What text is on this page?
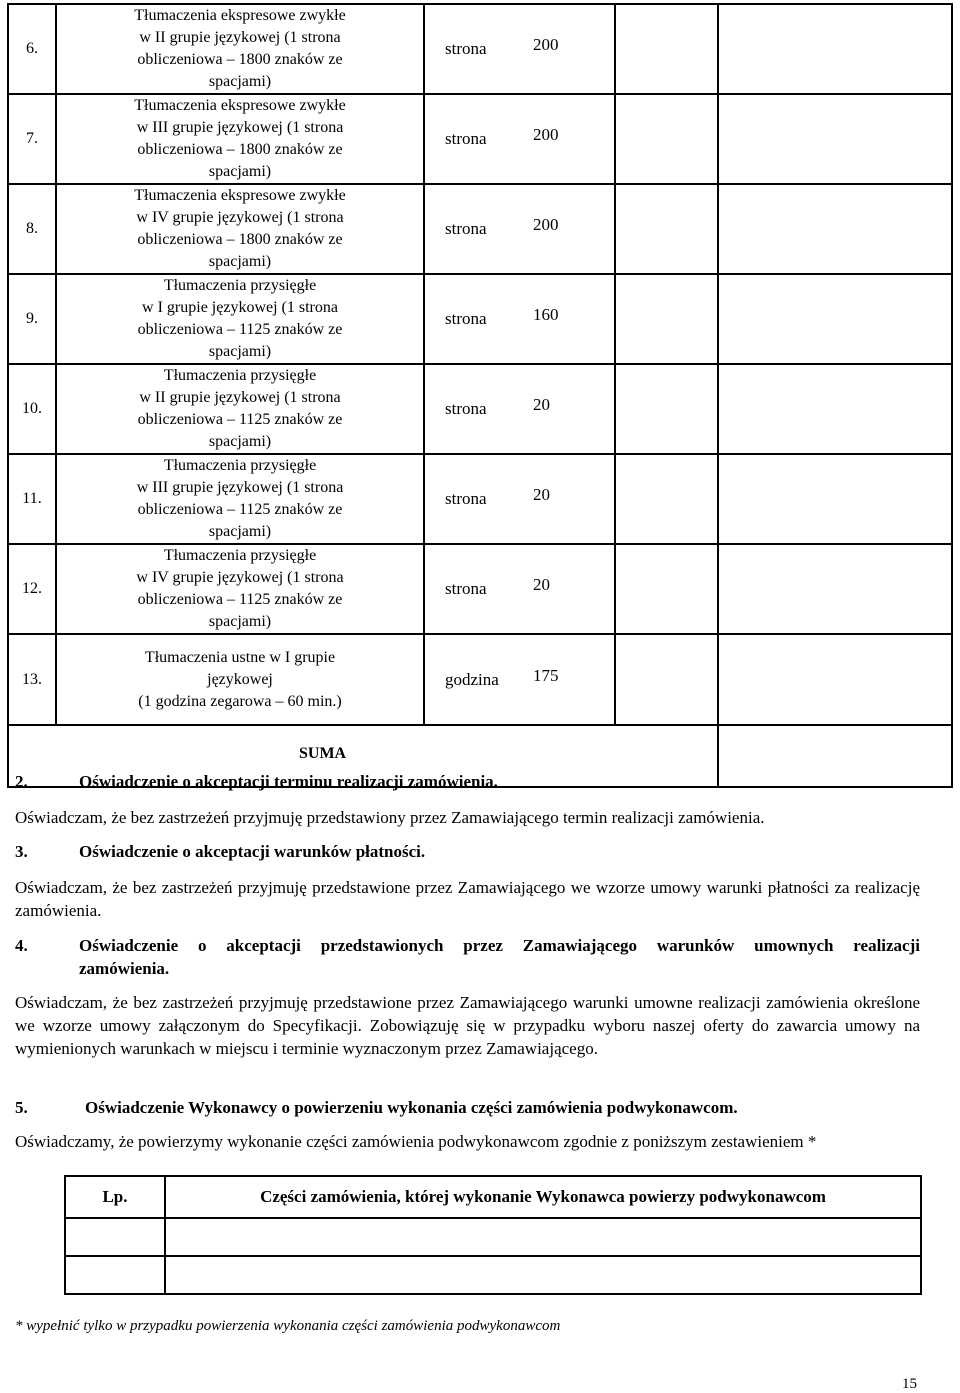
6.	Tłumaczenia ekspresowe zwykłe
w II grupie językowej (1 strona
obliczeniowa – 1800 znaków ze
spacjami)	strona 200		
7.	Tłumaczenia ekspresowe zwykłe
w III grupie językowej (1 strona
obliczeniowa – 1800 znaków ze
spacjami)	strona 200		
8.	Tłumaczenia ekspresowe zwykłe
w IV grupie językowej (1 strona
obliczeniowa – 1800 znaków ze
spacjami)	strona 200		
9.	Tłumaczenia przysięgłe
w I grupie językowej (1 strona
obliczeniowa – 1125 znaków ze
spacjami)	strona 160		
10.	Tłumaczenia przysięgłe
w II grupie językowej (1 strona
obliczeniowa – 1125 znaków ze
spacjami)	strona 20		
11.	Tłumaczenia przysięgłe
w III grupie językowej (1 strona
obliczeniowa – 1125 znaków ze
spacjami)	strona 20		
12.	Tłumaczenia przysięgłe
w IV grupie językowej (1 strona
obliczeniowa – 1125 znaków ze
spacjami)	strona 20		
13.	Tłumaczenia ustne w I grupie
językowej
(1 godzina zegarowa – 60 min.)	godzina 175		
SUMA				
2.	Oświadczenie o akceptacji terminu realizacji zamówienia.
Oświadczam, że bez zastrzeżeń przyjmuję przedstawiony przez Zamawiającego termin realizacji zamówienia.
3.	Oświadczenie o akceptacji warunków płatności.
Oświadczam, że bez zastrzeżeń przyjmuję przedstawione przez Zamawiającego we wzorze umowy warunki płatności za realizację zamówienia.
4.	Oświadczenie o akceptacji przedstawionych przez Zamawiającego warunków umownych realizacji zamówienia.
Oświadczam, że bez zastrzeżeń przyjmuję przedstawione przez Zamawiającego warunki umowne realizacji zamówienia określone we wzorze umowy załączonym do Specyfikacji. Zobowiązuję się w przypadku wyboru naszej oferty do zawarcia umowy na wymienionych warunkach w miejscu i terminie wyznaczonym przez Zamawiającego.
5.	Oświadczenie Wykonawcy o powierzeniu wykonania części zamówienia podwykonawcom.
Oświadczamy, że powierzymy wykonanie części zamówienia podwykonawcom zgodnie z poniższym zestawieniem *
Lp.	Części zamówienia, której wykonanie Wykonawca powierzy podwykonawcom

* wypełnić tylko w przypadku powierzenia wykonania części zamówienia podwykonawcom
15
